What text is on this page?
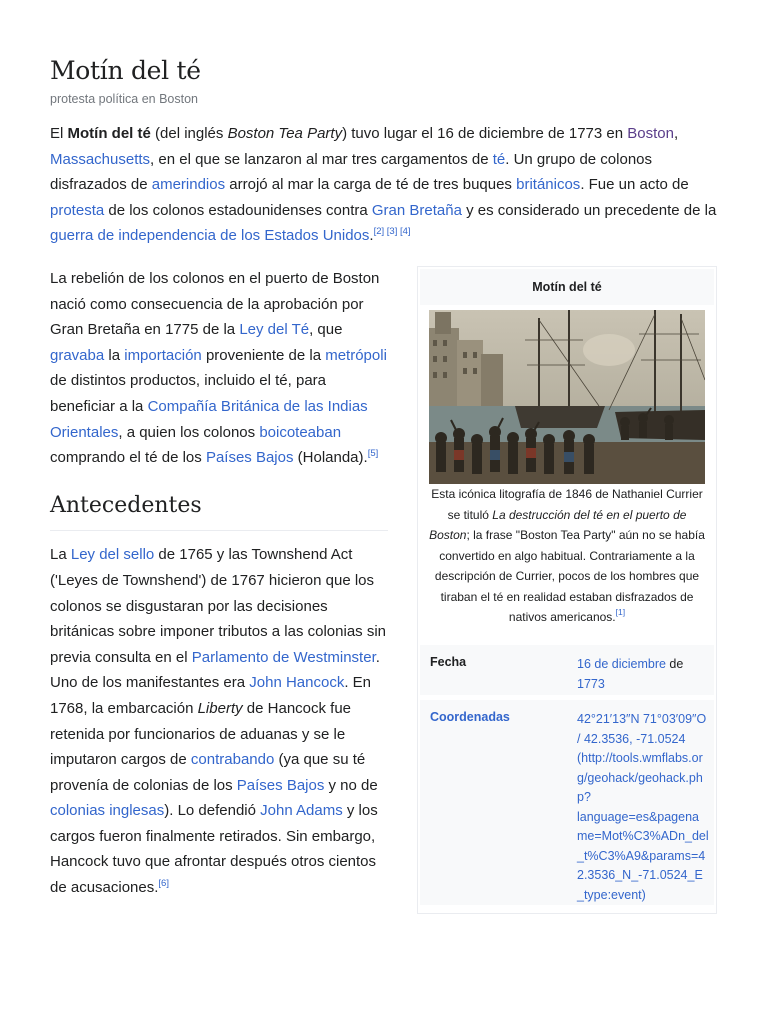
Motín del té
protesta política en Boston

El Motín del té (del inglés Boston Tea Party) tuvo lugar el 16 de diciembre de 1773 en Boston, Massachusetts, en el que se lanzaron al mar tres cargamentos de té. Un grupo de colonos disfrazados de amerindios arrojó al mar la carga de té de tres buques británicos. Fue un acto de protesta de los colonos estadounidenses contra Gran Bretaña y es considerado un precedente de la guerra de independencia de los Estados Unidos.[2] [3] [4]

La rebelión de los colonos en el puerto de Boston nació como consecuencia de la aprobación por Gran Bretaña en 1775 de la Ley del Té, que gravaba la importación proveniente de la metrópoli de distintos productos, incluido el té, para beneficiar a la Compañía Británica de las Indias Orientales, a quien los colonos boicoteaban comprando el té de los Países Bajos (Holanda).[5]

Antecedentes

La Ley del sello de 1765 y las Townshend Act ('Leyes de Townshend') de 1767 hicieron que los colonos se disgustaran por las decisiones británicas sobre imponer tributos a las colonias sin previa consulta en el Parlamento de Westminster. Uno de los manifestantes era John Hancock. En 1768, la embarcación Liberty de Hancock fue retenida por funcionarios de aduanas y se le imputaron cargos de contrabando (ya que su té provenía de colonias de los Países Bajos y no de colonias inglesas). Lo defendió John Adams y los cargos fueron finalmente retirados. Sin embargo, Hancock tuvo que afrontar después otros cientos de acusaciones.[6]

Motín del té
Esta icónica litografía de 1846 de Nathaniel Currier se tituló La destrucción del té en el puerto de Boston; la frase "Boston Tea Party" aún no se había convertido en algo habitual. Contrariamente a la descripción de Currier, pocos de los hombres que tiraban el té en realidad estaban disfrazados de nativos americanos.[1]
Fecha	16 de diciembre de 1773
Coordenadas	42°21′13″N 71°03′09″O / 42.3536, -71.0524 (http://tools.wmflabs.org/geohack/geohack.php?language=es&pagename=Mot%C3%ADn_del_t%C3%A9&params=42.3536_N_-71.0524_E_type:event)
